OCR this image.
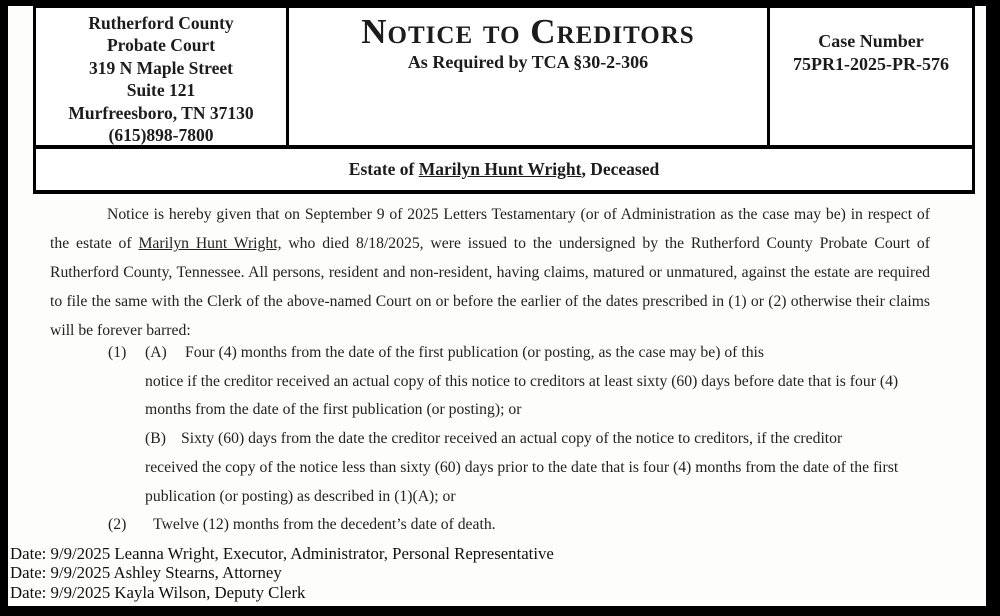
Rutherford County
Probate Court
319 N Maple Street
Suite 121
Murfreesboro, TN 37130
(615)898-7800
Notice to Creditors
As Required by TCA §30-2-306
Case Number
75PR1-2025-PR-576
Estate of Marilyn Hunt Wright, Deceased
Notice is hereby given that on September 9 of 2025 Letters Testamentary (or of Administration as the case may be) in respect of the estate of Marilyn Hunt Wright, who died 8/18/2025, were issued to the undersigned by the Rutherford County Probate Court of Rutherford County, Tennessee. All persons, resident and non-resident, having claims, matured or unmatured, against the estate are required to file the same with the Clerk of the above-named Court on or before the earlier of the dates prescribed in (1) or (2) otherwise their claims will be forever barred:
(1)	(A)	Four (4) months from the date of the first publication (or posting, as the case may be) of this
notice if the creditor received an actual copy of this notice to creditors at least sixty (60) days before date that is four (4)
months from the date of the first publication (or posting); or
(B) Sixty (60) days from the date the creditor received an actual copy of the notice to creditors, if the creditor
received the copy of the notice less than sixty (60) days prior to the date that is four (4) months from the date of the first
publication (or posting) as described in (1)(A); or
(2)	Twelve (12) months from the decedent’s date of death.
Date: 9/9/2025 Leanna Wright, Executor, Administrator, Personal Representative
Date: 9/9/2025 Ashley Stearns, Attorney
Date: 9/9/2025 Kayla Wilson, Deputy Clerk
